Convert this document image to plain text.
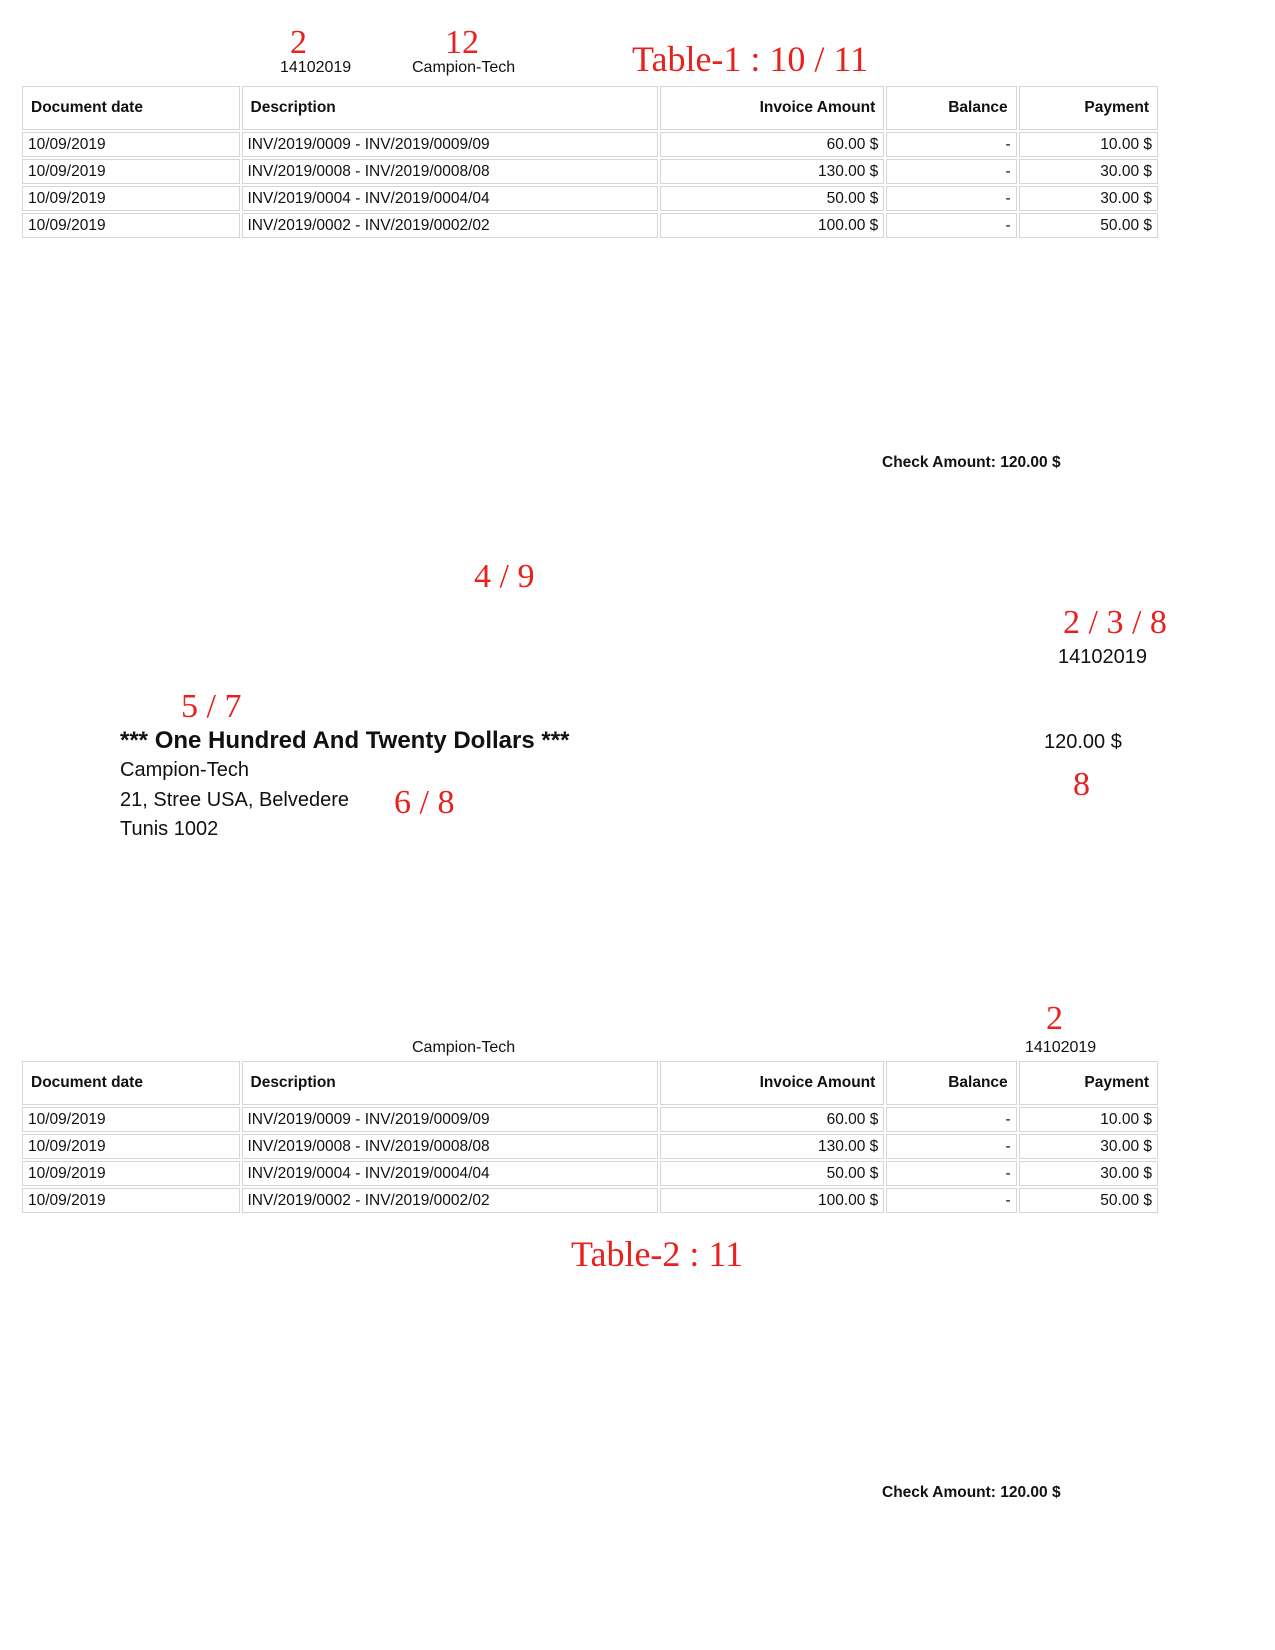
2	12	Table-1 : 10 / 11
14102019	Campion-Tech
Document date	Description	Invoice Amount	Balance	Payment
10/09/2019	INV/2019/0009 - INV/2019/0009/09	60.00 $	-	10.00 $
10/09/2019	INV/2019/0008 - INV/2019/0008/08	130.00 $	-	30.00 $
10/09/2019	INV/2019/0004 - INV/2019/0004/04	50.00 $	-	30.00 $
10/09/2019	INV/2019/0002 - INV/2019/0002/02	100.00 $	-	50.00 $
Check Amount: 120.00 $
4 / 9
2 / 3 / 8
14102019
5 / 7
*** One Hundred And Twenty Dollars ***	120.00 $
8
Campion-Tech
21, Stree USA, Belvedere 6 / 8
Tunis 1002
2
Campion-Tech	14102019
Document date	Description	Invoice Amount	Balance	Payment
10/09/2019	INV/2019/0009 - INV/2019/0009/09	60.00 $	-	10.00 $
10/09/2019	INV/2019/0008 - INV/2019/0008/08	130.00 $	-	30.00 $
10/09/2019	INV/2019/0004 - INV/2019/0004/04	50.00 $	-	30.00 $
10/09/2019	INV/2019/0002 - INV/2019/0002/02	100.00 $	-	50.00 $
Table-2 : 11
Check Amount: 120.00 $
